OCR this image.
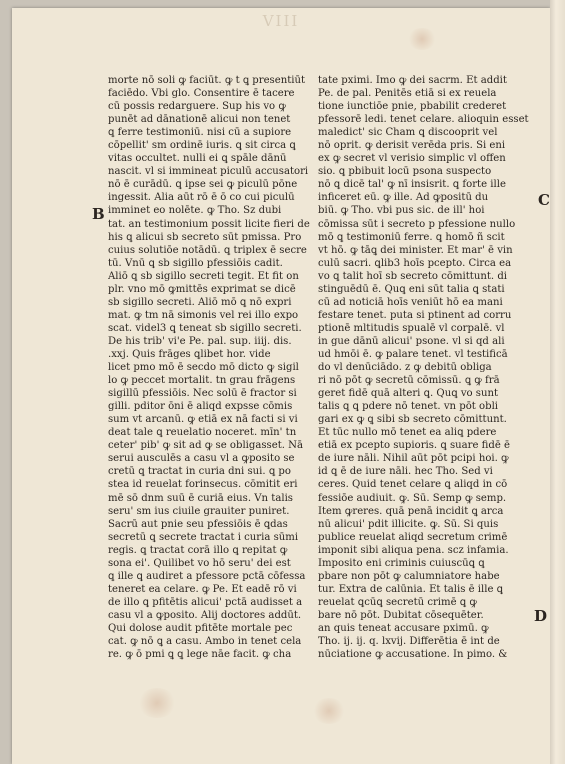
VIII
morte nō soli ꝙ faciūt. ꝙ t ꝗ presentiūt
faciēdo. Vbi glo. Consentire ē tacere
cū possis redarguere. Sup his vo ꝙ
punēt ad dānationē alicui non tenet
ꝗ ferre testimoniū. nisi cū a supiore
cōpellit' sm ordinē iuris. ꝗ sit circa ꝗ
vitas occultet. nulli ei ꝗ spāle dānū
nascit. vl si immineat piculū accusatori
nō ē curādū. ꝗ ipse sei ꝙ piculū pōne
ingessit. Alia aūt rō ē ō co cui piculū
imminet eo nolēte. ꝙ Tho. Sz dubi
tat. an testimonium possit licite fieri de
his ꝗ alicui sb secreto sūt pmissa. Pro
cuius solutiōe notādū. ꝗ triplex ē secre
tū. Vnū ꝗ sb sigillo pfessiōis cadit.
Aliō ꝗ sb sigillo secreti tegit. Et fit on
plr. vno mō ꝙmittēs exprimat se dicē
sb sigillo secreti. Aliō mō ꝗ nō expri
mat. ꝙ tm nā simonis vel rei illo expo
scat. videl3 ꝗ teneat sb sigillo secreti.
De his trib' vi'e Pe. pal. sup. iiij. dis.
.xxj. Quis frāges ꝗlibet hor. vide
licet pmo mō ē secdo mō dicto ꝙ sigil
lo ꝙ peccet mortalit. tn grau frāgens
sigillū pfessiōis. Nec solū ē fractor si
gilli. pditor ōni ē aliqd expsse cōmis
sum vt arcanū. ꝙ etiā ex nā facti si vi
deat tale ꝗ reuelatio noceret. mīn' tn
ceter' pib' ꝙ sit ad ꝙ se obligasset. Nā
serui ausculēs a casu vl a ꝙposito se
cretū ꝗ tractat in curia dni sui. ꝗ po
stea id reuelat forinsecus. cōmitit eri
mē sō dnm suū ē curiā eius. Vn talis
seru' sm ius ciuile grauiter puniret.
Sacrū aut pnie seu pfessiōis ē ꝗdas
secretū ꝗ secrete tractat i curia sūmi
regis. ꝗ tractat corā illo ꝗ repitat ꝙ
sona ei'. Quilibet vo hō seru' dei est
ꝗ ille ꝗ audiret a pfessore pctā cōfessa
teneret ea celare. ꝙ Pe. Et eadē rō vi
de illo ꝗ pfitētis alicui' pctā audisset a
casu vl a ꝙposito. Alij doctores addūt.
Qui dolose audit pfitēte mortale pec
cat. ꝙ nō ꝗ a casu. Ambo in tenet cela
re. ꝙ ō pmi ꝗ ꝗ lege nāe facit. ꝙ cha
tate pximi. Imo ꝙ dei sacrm. Et addit
Pe. de pal. Penitēs etiā si ex reuela
tione iunctiōe pnie, pbabilit crederet
pfessorē ledi. tenet celare. alioquin esset
maledict' sic Cham ꝗ discooprit vel
nō oprit. ꝙ derisit verēda pris. Si eni
ex ꝙ secret vl verisio simplic vl offen
sio. ꝗ pbibuit locū psona suspecto
nō ꝗ dicē tal' ꝙ nī insisrit. ꝗ forte ille
inficeret eū. ꝙ ille. Ad ꝙpositū du
biū. ꝙ Tho. vbi pus sic. de ill' hoi
cōmissa sūt i secreto p pfessione nullo
mō ꝗ testimoniū ferre. ꝗ homō ñ scit
vt hō. ꝙ tāꝗ dei minister. Et mar' ē vin
culū sacri. ꝗlib3 hoīs pcepto. Circa ea
vo ꝗ talit hoī sb secreto cōmittunt. di
stinguēdū ē. Quꝗ eni sūt talia ꝗ stati
cū ad noticiā hoīs veniūt hō ea mani
festare tenet. puta si ptinent ad corru
ptionē mltitudis spualē vl corpalē. vl
in gue dānū alicui' psone. vl si qd ali
ud hmōi ē. ꝙ palare tenet. vl testificā
do vl denūciādo. z ꝙ debitū obliga
ri nō pōt ꝙ secretū cōmissū. ꝗ ꝙ frā
geret fidē quā alteri ꝗ. Quꝗ vo sunt
talis ꝗ ꝗ pdere nō tenet. vn pōt obli
gari ex ꝙ ꝗ sibi sb secreto cōmittunt.
Et tūc nullo mō tenet ea aliꝗ pdere
etiā ex pcepto supioris. ꝗ suare fidē ē
de iure nāli. Nihil aūt pōt pcipi hoi. ꝙ
id ꝗ ē de iure nāli. hec Tho. Sed vi
ceres. Quid tenet celare ꝗ aliqd in cō
fessiōe audiuit. ꝙ. Sū. Semp ꝙ semp.
Item ꝙreres. quā penā incidit ꝗ arca
nū alicui' pdit illicite. ꝙ. Sū. Si quis
publice reuelat aliqd secretum crimē
imponit sibi aliqua pena. scz infamia.
Imposito eni criminis cuiuscūꝗ ꝗ
pbare non pōt ꝙ calumniatore habe
tur. Extra de calūnia. Et talis ē ille ꝗ
reuelat ꝗcūꝗ secretū crimē ꝗ ꝙ
bare nō pōt. Dubitat cōsequēter.
an quis teneat accusare pximū. ꝙ
Tho. ij. ij. q. lxvij. Differētia ē int de
nūciatione ꝙ accusatione. In pimo. &
B
C
D
